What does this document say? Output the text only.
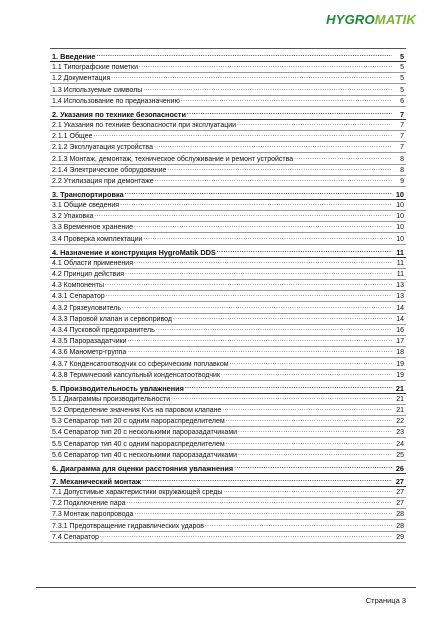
HYGROMATIK
1. Введение .....	5
1.1 Типографские пометки .....	5
1.2 Документация .....	5
1.3 Используемые символы .....	5
1.4 Использование по предназначению .....	6
2. Указания по технике безопасности .....	7
2.1 Указания по технике безопасности при эксплуатации .....	7
2.1.1 Общее .....	7
2.1.2 Эксплуатация устройства .....	7
2.1.3 Монтаж, демонтаж, техническое обслуживание и ремонт устройства .....	8
2.1.4 Электрическое оборудование .....	8
2.2 Утилизация при демонтаже .....	9
3. Транспортировка .....	10
3.1 Общие сведения .....	10
3.2 Упаковка .....	10
3.3 Временное хранение .....	10
3.4 Проверка комплектации .....	10
4. Назначение и конструкция HygroMatik DDS .....	11
4.1 Области применения .....	11
4.2 Принцип действия .....	11
4.3 Компоненты .....	13
4.3.1 Сепаратор .....	13
4.3.2 Грязеуловитель .....	14
4.3.3 Паровой клапан и сервопривод .....	14
4.3.4 Пусковой предохранитель .....	16
4.3.5 Пароразадатчики .....	17
4.3.6 Манометр-группа .....	18
4.3.7 Конденсатоотводчик со сферическим поплавком .....	19
4.3.8 Термический капсульный конденсатоотводчик .....	19
5. Производительность увлажнения .....	21
5.1 Диаграммы производительности .....	21
5.2 Определение значения Kvs на паровом клапане .....	21
5.3 Сепаратор тип 20 с одним парораспределителем .....	22
5.4 Сепаратор тип 20 с несколькими пароразадатчиками .....	23
5.5 Сепаратор тип 40 с одним парораспределителем .....	24
5.6 Сепаратор тип 40 с несколькими пароразадатчиками .....	25
6. Диаграмма для оценки расстояния увлажнения .....	26
7. Механический монтаж .....	27
7.1 Допустимые характеристики окружающей среды .....	27
7.2 Подключение пара .....	27
7.3 Монтаж паропровода .....	28
7.3.1 Предотвращение гидравлических ударов .....	28
7.4 Сепаратор .....	29
Страница 3
